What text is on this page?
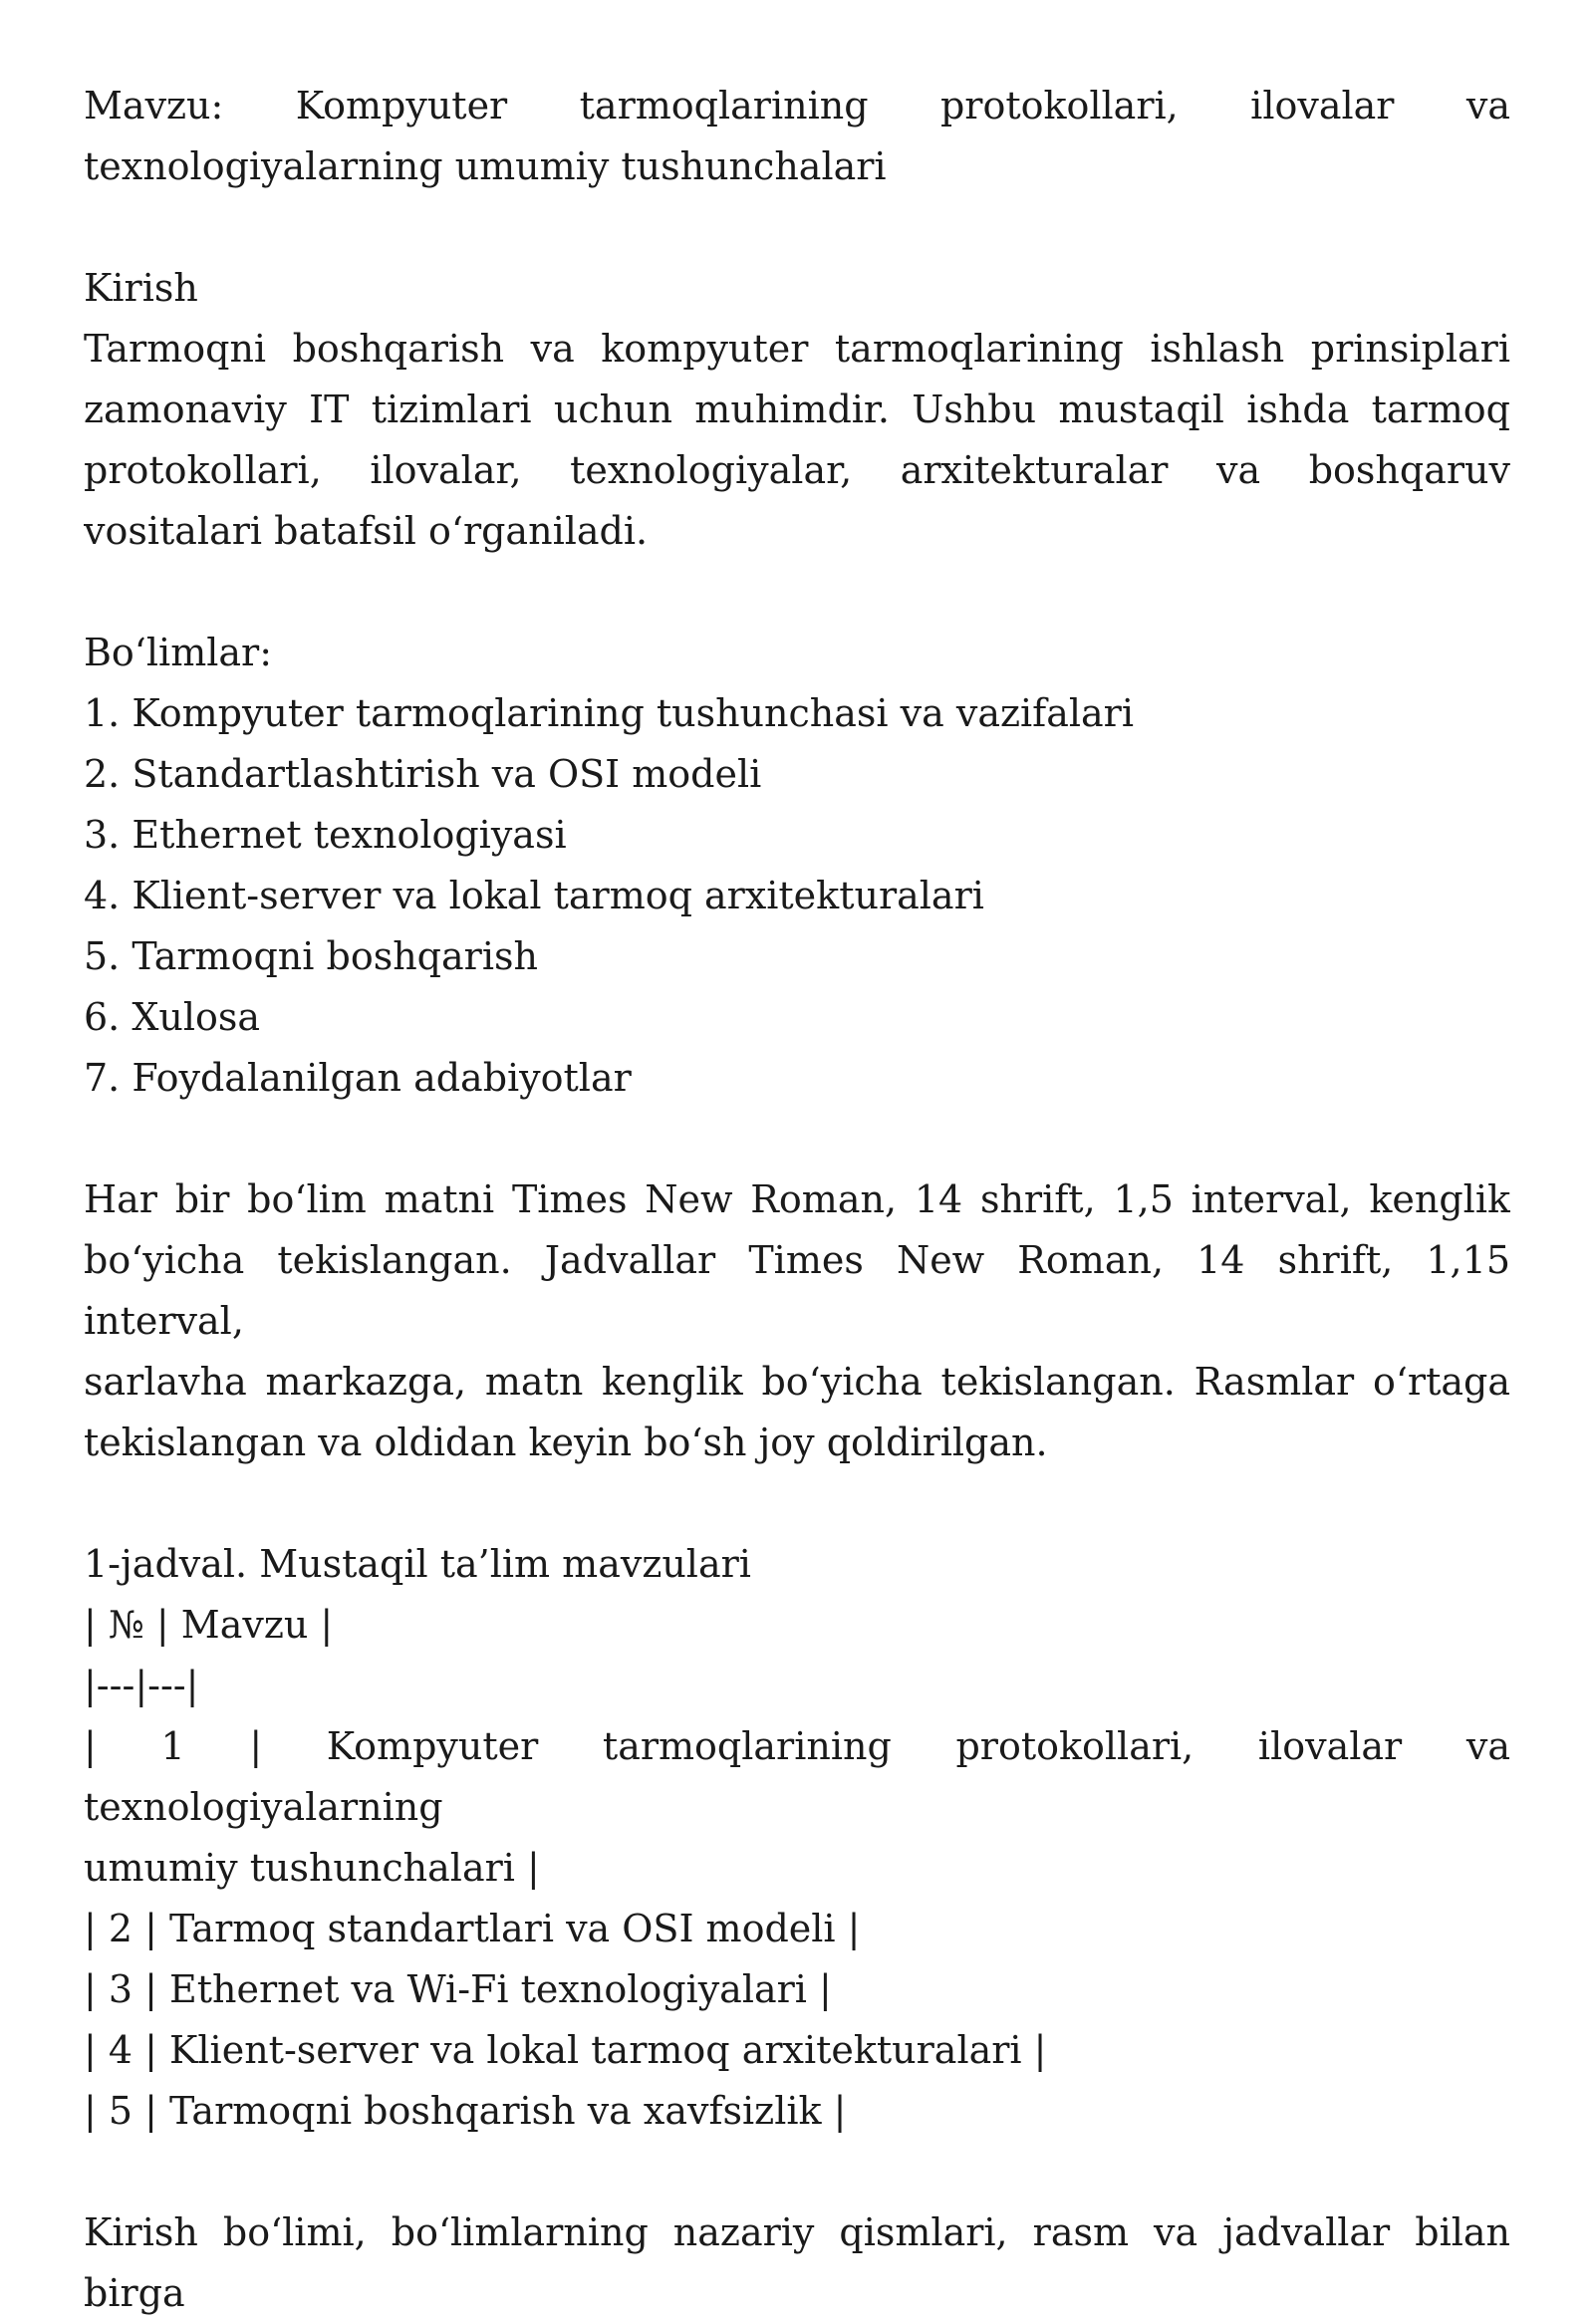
Mavzu: Kompyuter tarmoqlarining protokollari, ilovalar va
texnologiyalarning umumiy tushunchalari
Kirish
Tarmoqni boshqarish va kompyuter tarmoqlarining ishlash prinsiplari
zamonaviy IT tizimlari uchun muhimdir. Ushbu mustaqil ishda tarmoq
protokollari, ilovalar, texnologiyalar, arxitekturalar va boshqaruv
vositalari batafsil o‘rganiladi.
Bo‘limlar:
1. Kompyuter tarmoqlarining tushunchasi va vazifalari
2. Standartlashtirish va OSI modeli
3. Ethernet texnologiyasi
4. Klient-server va lokal tarmoq arxitekturalari
5. Tarmoqni boshqarish
6. Xulosa
7. Foydalanilgan adabiyotlar
Har bir bo‘lim matni Times New Roman, 14 shrift, 1,5 interval, kenglik
bo‘yicha tekislangan. Jadvallar Times New Roman, 14 shrift, 1,15 interval,
sarlavha markazga, matn kenglik bo‘yicha tekislangan. Rasmlar o‘rtaga
tekislangan va oldidan keyin bo‘sh joy qoldirilgan.
1-jadval. Mustaqil ta’lim mavzulari
| № | Mavzu |
|---|---|
| 1 | Kompyuter tarmoqlarining protokollari, ilovalar va texnologiyalarning
umumiy tushunchalari |
| 2 | Tarmoq standartlari va OSI modeli |
| 3 | Ethernet va Wi-Fi texnologiyalari |
| 4 | Klient-server va lokal tarmoq arxitekturalari |
| 5 | Tarmoqni boshqarish va xavfsizlik |
Kirish bo‘limi, bo‘limlarning nazariy qismlari, rasm va jadvallar bilan birga
